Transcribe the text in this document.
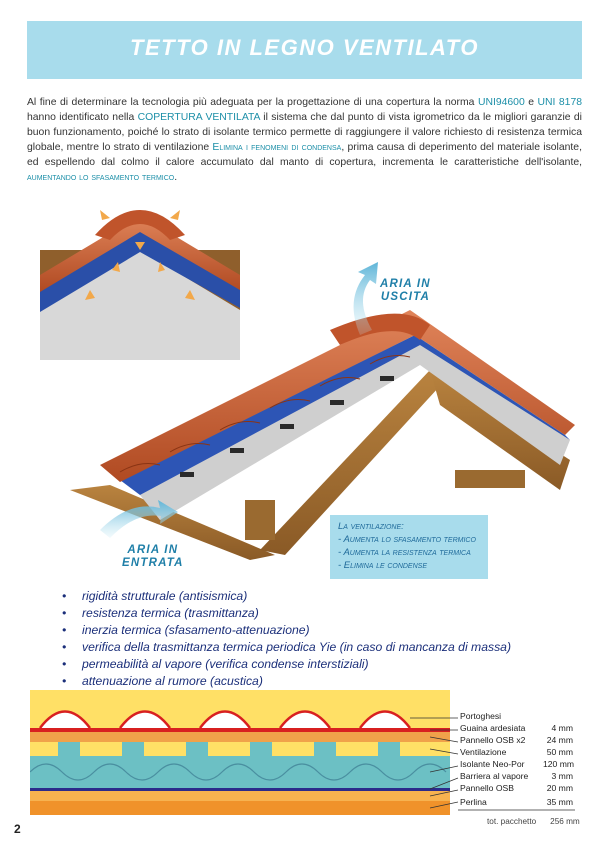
TETTO IN LEGNO VENTILATO

Al fine di determinare la tecnologia più adeguata per la progettazione di una copertura la norma UNI94600 e UNI 8178 hanno identificato nella COPERTURA VENTILATA il sistema che dal punto di vista igrometrico da le migliori garanzie di buon funzionamento, poiché lo strato di isolante termico permette di raggiungere il valore richiesto di resistenza termica globale, mentre lo strato di ventilazione Elimina i fenomeni di condensa, prima causa di deperimento del materiale isolante, ed espellendo dal colmo il calore accumulato dal manto di copertura, incrementa le caratteristiche dell'isolante, aumentando lo sfasamento termico.

ARIA IN
USCITA
ARIA IN
ENTRATA
La ventilazione:
- Aumenta lo sfasamento termico
- Aumenta la resistenza termica
- Elimina le condense
• rigidità strutturale (antisismica)
• resistenza termica (trasmittanza)
• inerzia termica (sfasamento-attenuazione)
• verifica della trasmittanza termica periodica Yie (in caso di mancanza di massa)
• permeabilità al vapore (verifica condense interstiziali)
• attenuazione al rumore (acustica)
Portoghesi
Guaina ardesiata	4 mm
Pannello OSB x2	24 mm
Ventilazione	50 mm
Isolante Neo-Por	120 mm
Barriera al vapore	3 mm
Pannello OSB	20 mm
Perlina	35 mm
tot. pacchetto 256 mm
2
